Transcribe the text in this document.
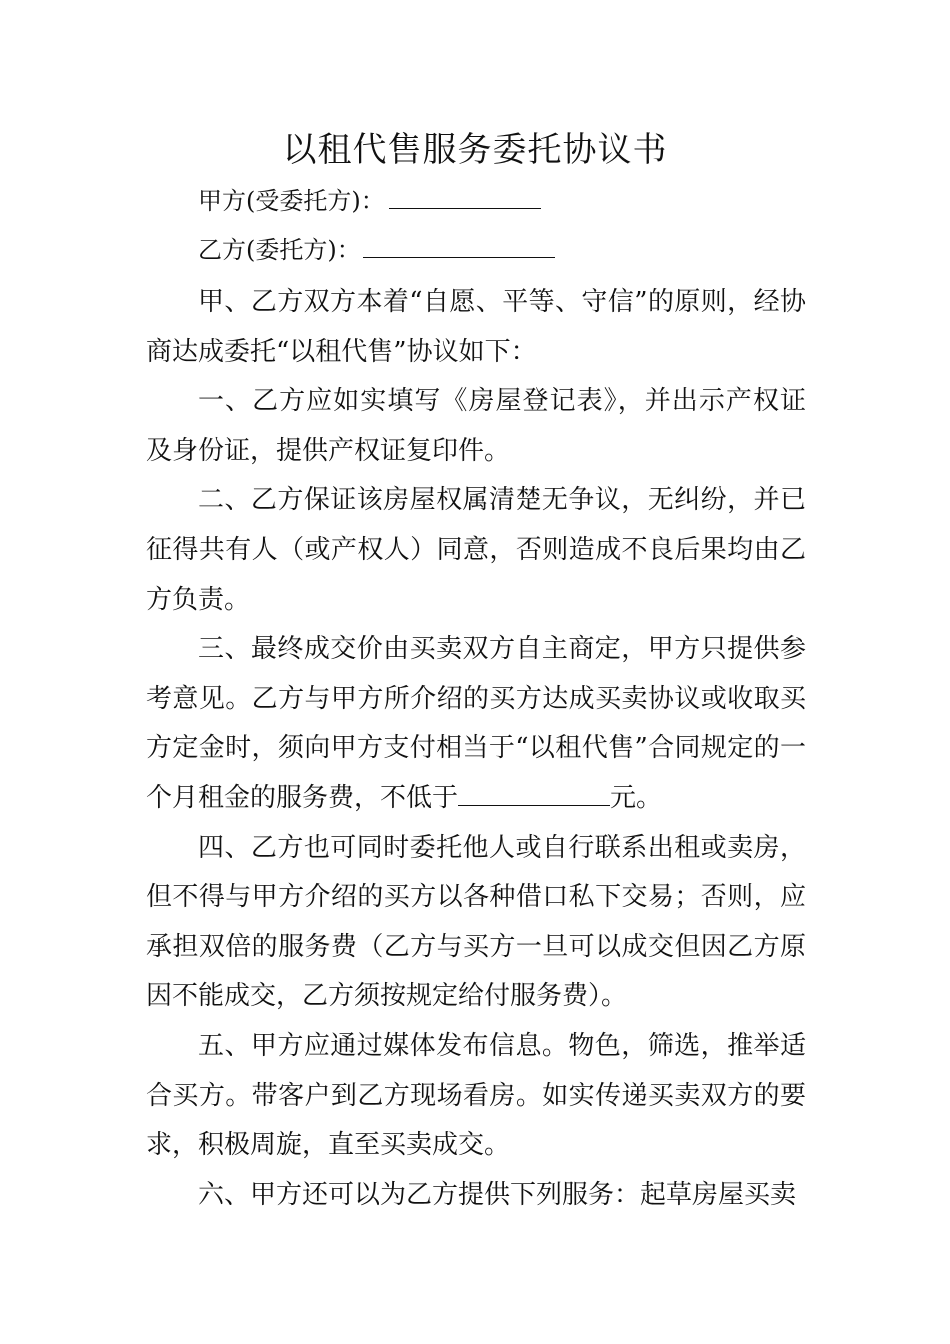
以租代售服务委托协议书
甲方(受委托方)：
乙方(委托方)：

甲、乙方双方本着“自愿、平等、守信”的原则，经协商达成委托“以租代售”协议如下：

一、乙方应如实填写《房屋登记表》，并出示产权证及身份证，提供产权证复印件。

二、乙方保证该房屋权属清楚无争议，无纠纷，并已征得共有人（或产权人）同意，否则造成不良后果均由乙方负责。

三、最终成交价由买卖双方自主商定，甲方只提供参考意见。乙方与甲方所介绍的买方达成买卖协议或收取买方定金时，须向甲方支付相当于“以租代售”合同规定的一个月租金的服务费，不低于	元。

四、乙方也可同时委托他人或自行联系出租或卖房，但不得与甲方介绍的买方以各种借口私下交易；否则，应承担双倍的服务费（乙方与买方一旦可以成交但因乙方原因不能成交，乙方须按规定给付服务费）。

五、甲方应通过媒体发布信息。物色，筛选，推举适合买方。带客户到乙方现场看房。如实传递买卖双方的要求，积极周旋，直至买卖成交。

六、甲方还可以为乙方提供下列服务：起草房屋买卖
